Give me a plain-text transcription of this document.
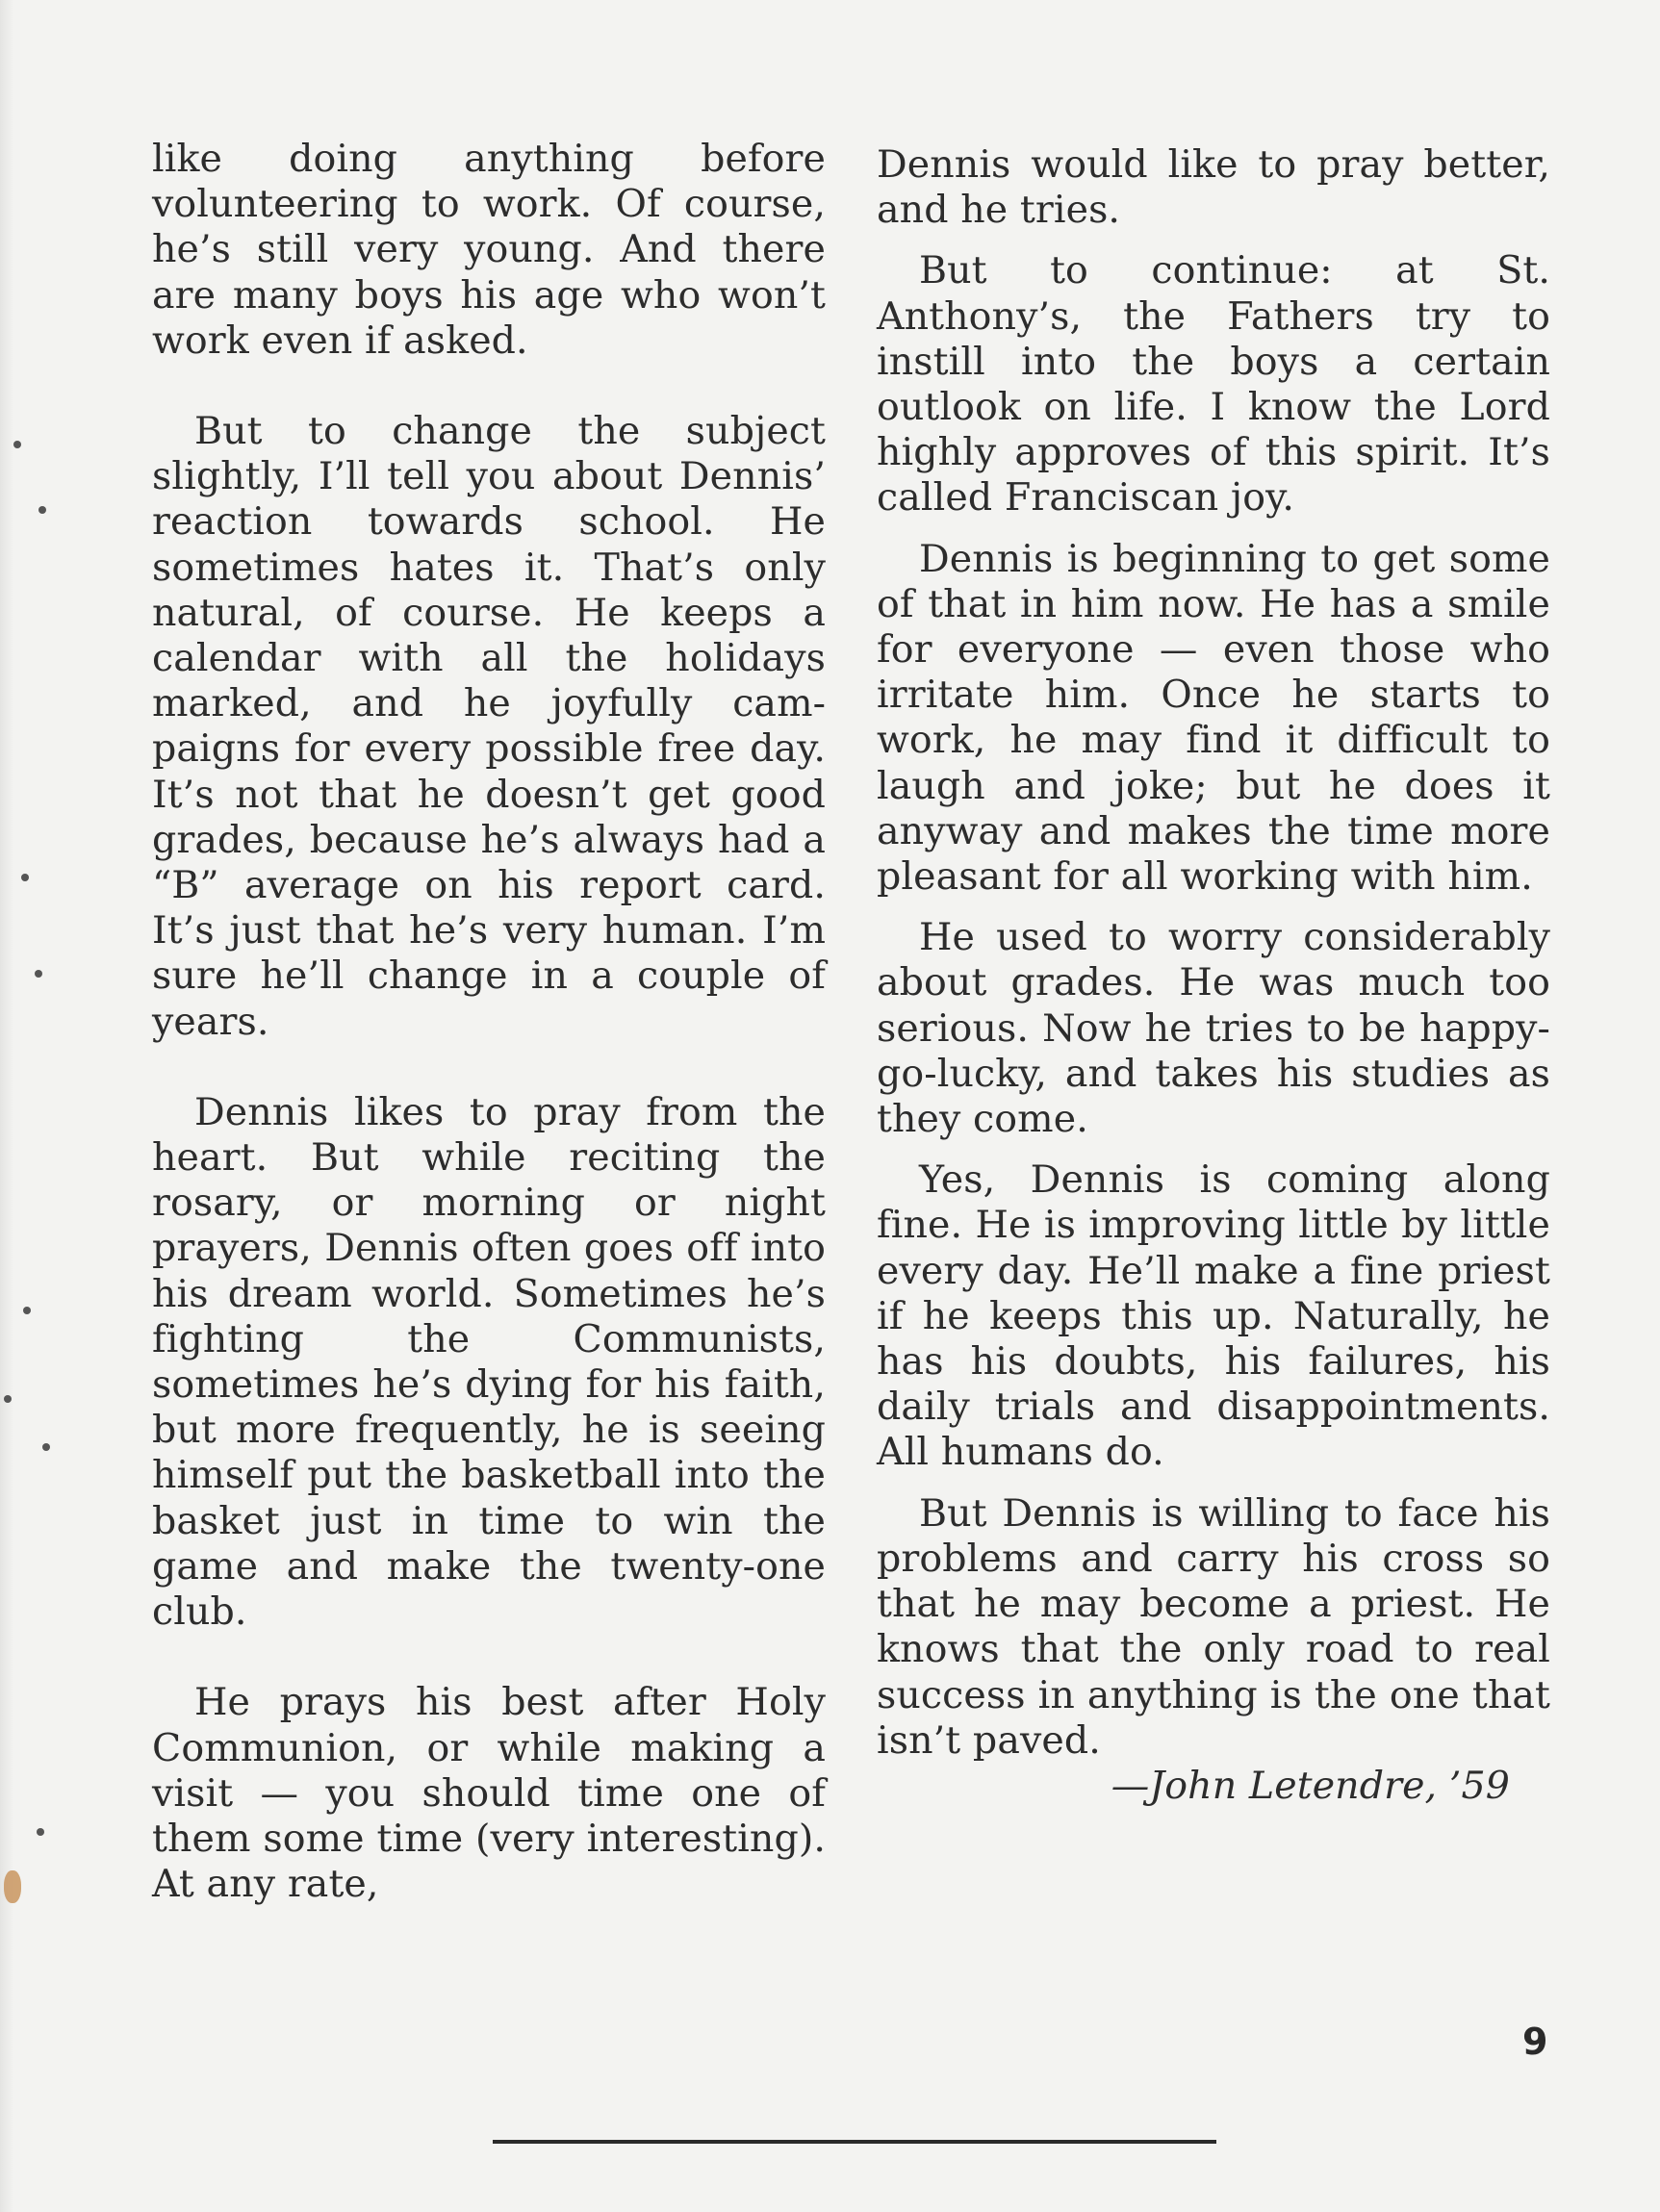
like doing anything before volunteering to work. Of course, he’s still very young. And there are many boys his age who won’t work even if asked.

But to change the subject slightly, I’ll tell you about Dennis’ reaction towards school. He sometimes hates it. That’s only natural, of course. He keeps a calendar with all the holidays marked, and he joyfully campaigns for every possible free day. It’s not that he doesn’t get good grades, because he’s always had a “B” average on his report card. It’s just that he’s very human. I’m sure he’ll change in a couple of years.

Dennis likes to pray from the heart. But while reciting the rosary, or morning or night prayers, Dennis often goes off into his dream world. Sometimes he’s fighting the Communists, sometimes he’s dying for his faith, but more frequently, he is seeing himself put the basketball into the basket just in time to win the game and make the twenty-one club.

He prays his best after Holy Communion, or while making a visit — you should time one of them some time (very interesting). At any rate,

Dennis would like to pray better, and he tries.

But to continue: at St. Anthony’s, the Fathers try to instill into the boys a certain outlook on life. I know the Lord highly approves of this spirit. It’s called Franciscan joy.

Dennis is beginning to get some of that in him now. He has a smile for everyone — even those who irritate him. Once he starts to work, he may find it difficult to laugh and joke; but he does it anyway and makes the time more pleasant for all working with him.

He used to worry considerably about grades. He was much too serious. Now he tries to be happy-go-lucky, and takes his studies as they come.

Yes, Dennis is coming along fine. He is improving little by little every day. He’ll make a fine priest if he keeps this up. Naturally, he has his doubts, his failures, his daily trials and disappointments. All humans do.

But Dennis is willing to face his problems and carry his cross so that he may become a priest. He knows that the only road to real success in anything is the one that isn’t paved.

—John Letendre, ’59
9
